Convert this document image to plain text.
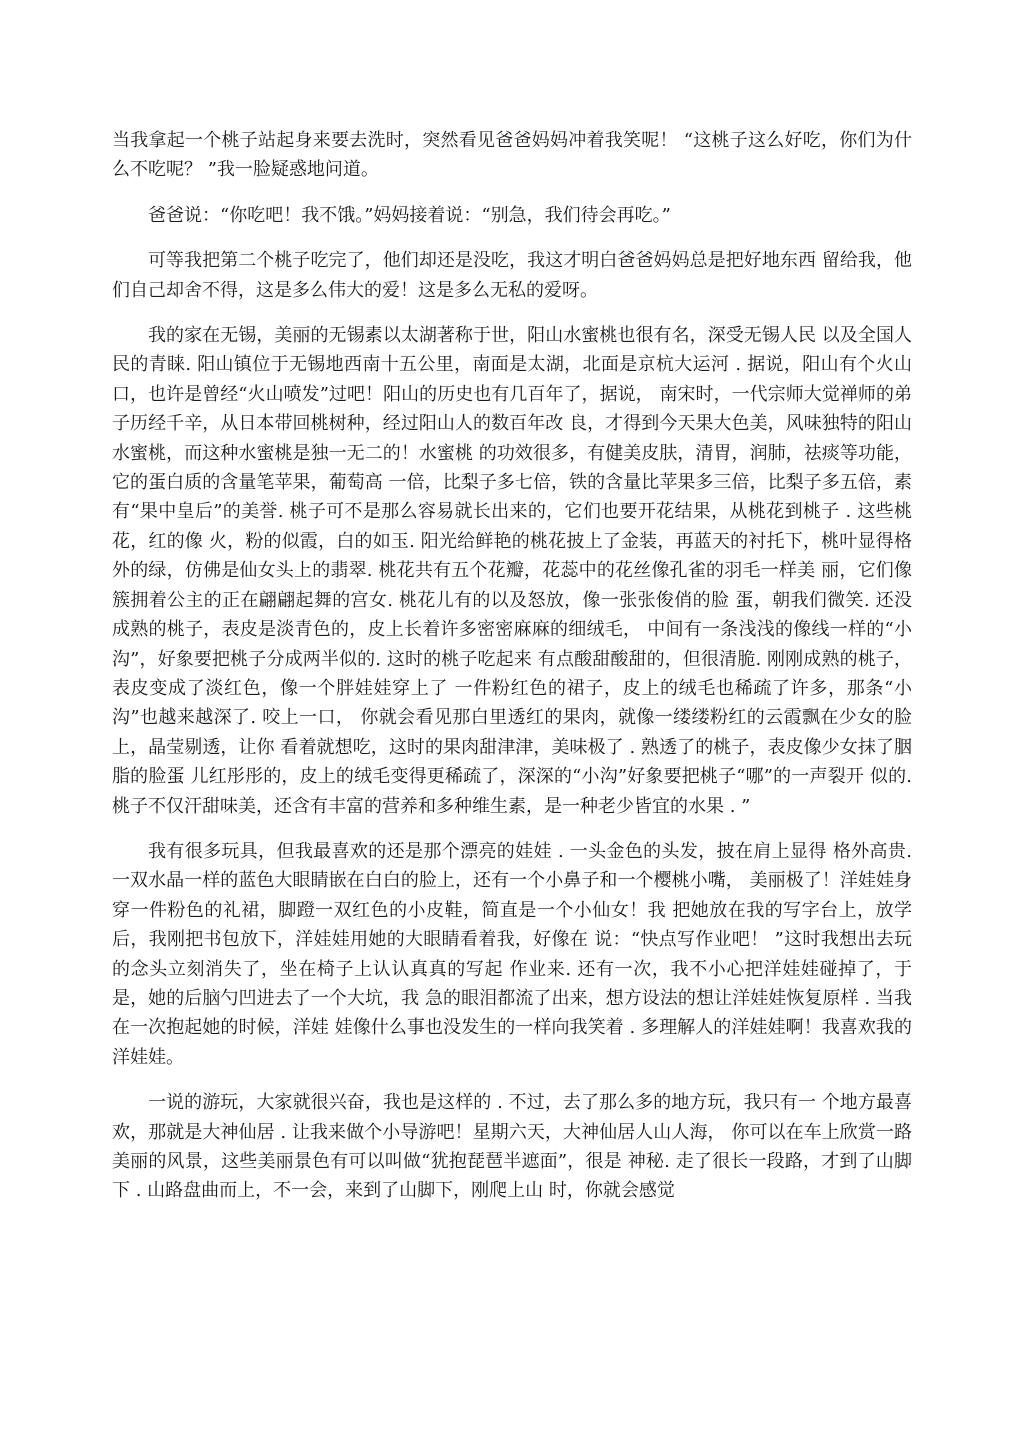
当我拿起一个桃子站起身来要去洗时，突然看见爸爸妈妈冲着我笑呢！ “这桃子这么好吃，你们为什么不吃呢？ ”我一脸疑惑地问道。

爸爸说：“你吃吧！我不饿。”妈妈接着说：“别急，我们待会再吃。”

可等我把第二个桃子吃完了，他们却还是没吃，我这才明白爸爸妈妈总是把好地东西 留给我，他们自己却舍不得，这是多么伟大的爱！这是多么无私的爱呀。

我的家在无锡，美丽的无锡素以太湖著称于世，阳山水蜜桃也很有名，深受无锡人民 以及全国人民的青睐. 阳山镇位于无锡地西南十五公里，南面是太湖，北面是京杭大运河 . 据说，阳山有个火山口，也许是曾经“火山喷发”过吧！阳山的历史也有几百年了，据说， 南宋时，一代宗师大觉禅师的弟子历经千辛，从日本带回桃树种，经过阳山人的数百年改 良，才得到今天果大色美，风味独特的阳山水蜜桃，而这种水蜜桃是独一无二的！水蜜桃 的功效很多，有健美皮肤，清胃，润肺，祛痰等功能，它的蛋白质的含量笔苹果，葡萄高 一倍，比梨子多七倍，铁的含量比苹果多三倍，比梨子多五倍，素有“果中皇后”的美誉. 桃子可不是那么容易就长出来的，它们也要开花结果，从桃花到桃子 . 这些桃花，红的像 火，粉的似霞，白的如玉. 阳光给鲜艳的桃花披上了金装，再蓝天的衬托下，桃叶显得格 外的绿，仿佛是仙女头上的翡翠. 桃花共有五个花瓣，花蕊中的花丝像孔雀的羽毛一样美 丽，它们像簇拥着公主的正在翩翩起舞的宫女. 桃花儿有的以及怒放，像一张张俊俏的脸 蛋，朝我们微笑. 还没成熟的桃子，表皮是淡青色的，皮上长着许多密密麻麻的细绒毛， 中间有一条浅浅的像线一样的“小沟”，好象要把桃子分成两半似的. 这时的桃子吃起来 有点酸甜酸甜的，但很清脆. 刚刚成熟的桃子，表皮变成了淡红色，像一个胖娃娃穿上了 一件粉红色的裙子，皮上的绒毛也稀疏了许多，那条“小沟”也越来越深了. 咬上一口， 你就会看见那白里透红的果肉，就像一缕缕粉红的云霞飘在少女的脸上，晶莹剔透，让你 看着就想吃，这时的果肉甜津津，美味极了 . 熟透了的桃子，表皮像少女抹了胭脂的脸蛋 儿红彤彤的，皮上的绒毛变得更稀疏了，深深的“小沟”好象要把桃子“哪”的一声裂开 似的. 桃子不仅汗甜味美，还含有丰富的营养和多种维生素，是一种老少皆宜的水果 . ”

我有很多玩具，但我最喜欢的还是那个漂亮的娃娃 . 一头金色的头发，披在肩上显得 格外高贵. 一双水晶一样的蓝色大眼睛嵌在白白的脸上，还有一个小鼻子和一个樱桃小嘴， 美丽极了！洋娃娃身穿一件粉色的礼裙，脚蹬一双红色的小皮鞋，简直是一个小仙女！我 把她放在我的写字台上，放学后，我刚把书包放下，洋娃娃用她的大眼睛看着我，好像在 说：“快点写作业吧！ ”这时我想出去玩的念头立刻消失了，坐在椅子上认认真真的写起 作业来. 还有一次，我不小心把洋娃娃碰掉了，于是，她的后脑勺凹进去了一个大坑，我 急的眼泪都流了出来，想方设法的想让洋娃娃恢复原样 . 当我在一次抱起她的时候，洋娃 娃像什么事也没发生的一样向我笑着 . 多理解人的洋娃娃啊！我喜欢我的洋娃娃。

一说的游玩，大家就很兴奋，我也是这样的 . 不过，去了那么多的地方玩，我只有一 个地方最喜欢，那就是大神仙居 . 让我来做个小导游吧！星期六天，大神仙居人山人海， 你可以在车上欣赏一路美丽的风景，这些美丽景色有可以叫做“犹抱琵琶半遮面”，很是 神秘. 走了很长一段路，才到了山脚下 . 山路盘曲而上，不一会，来到了山脚下，刚爬上山 时，你就会感觉
